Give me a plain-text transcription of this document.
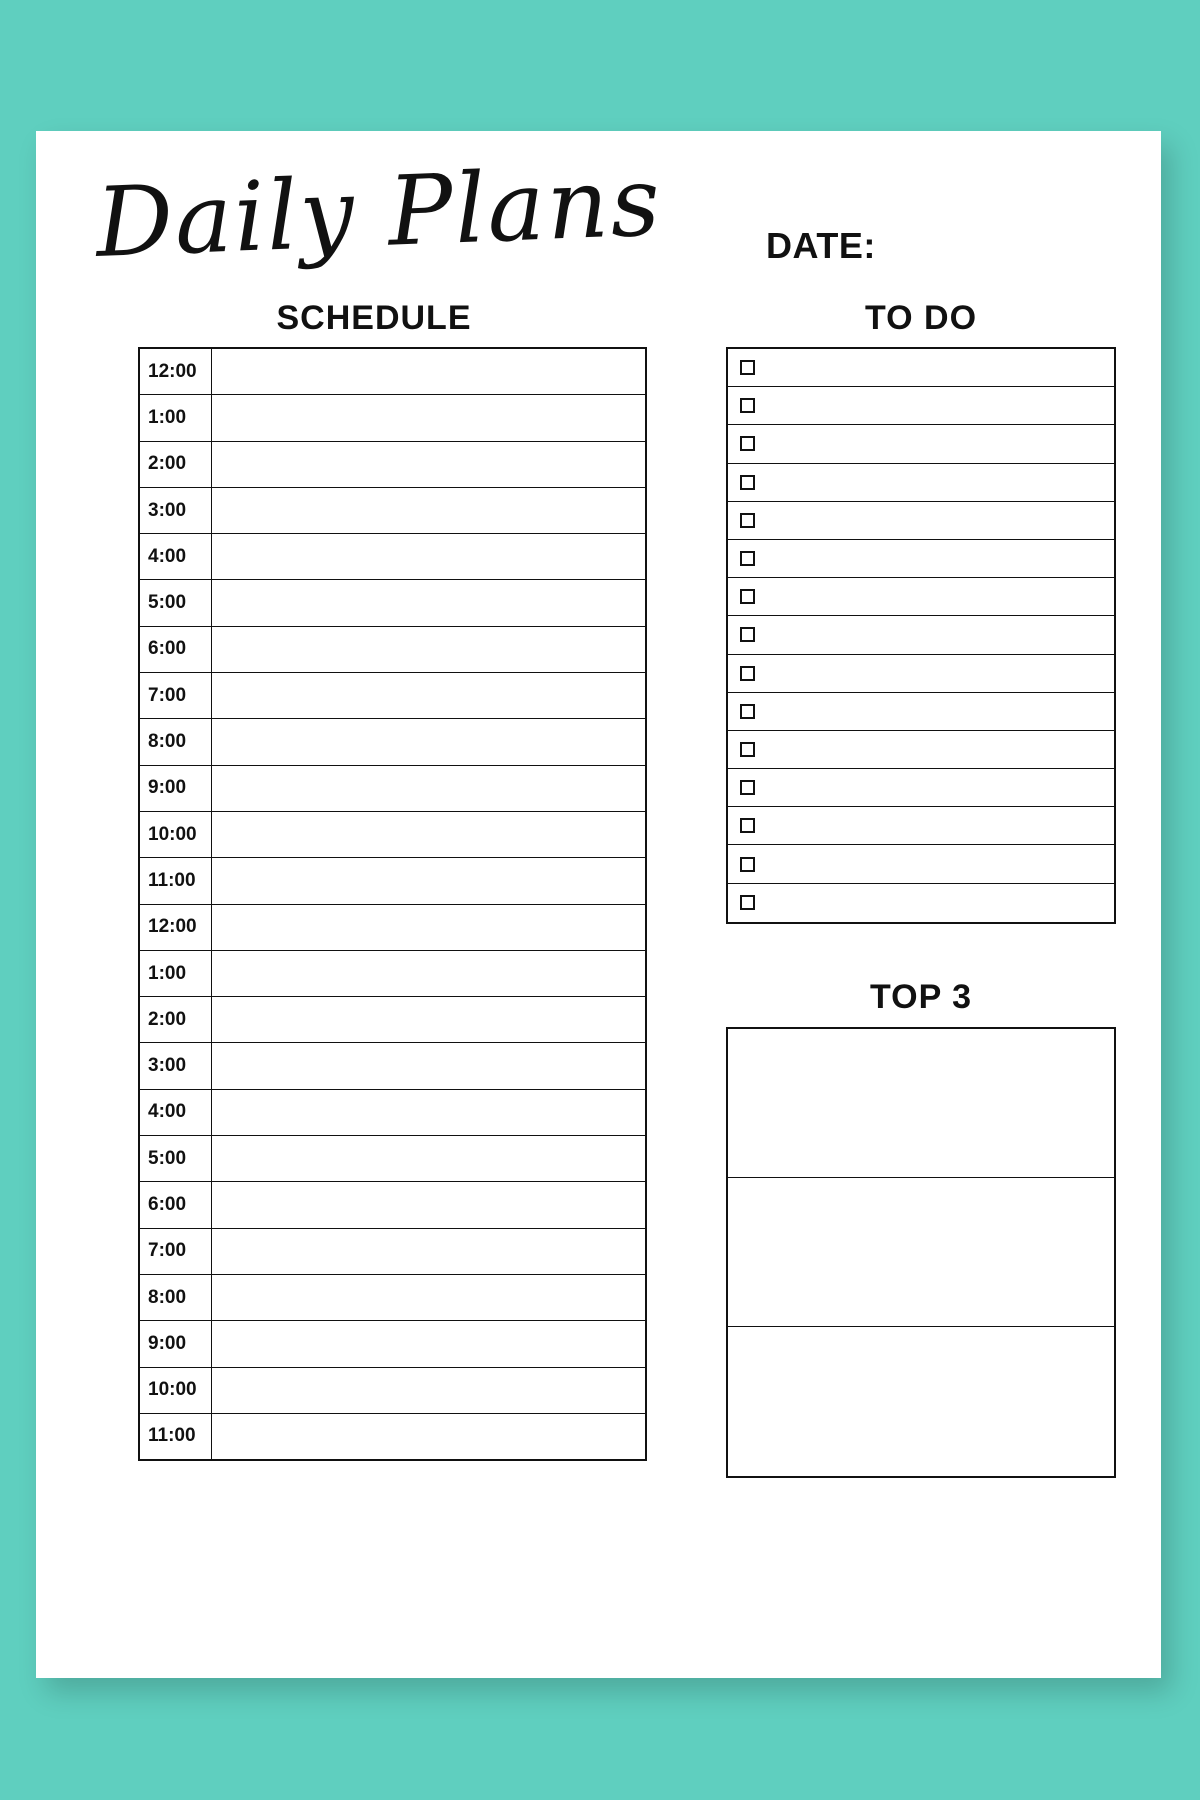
Daily Plans	DATE:
SCHEDULE	TO DO
TOP 3
12:00	
1:00	
2:00	
3:00	
4:00	
5:00	
6:00	
7:00	
8:00	
9:00	
10:00	
11:00	
12:00	
1:00	
2:00	
3:00	
4:00	
5:00	
6:00	
7:00	
8:00	
9:00	
10:00	
11:00	
